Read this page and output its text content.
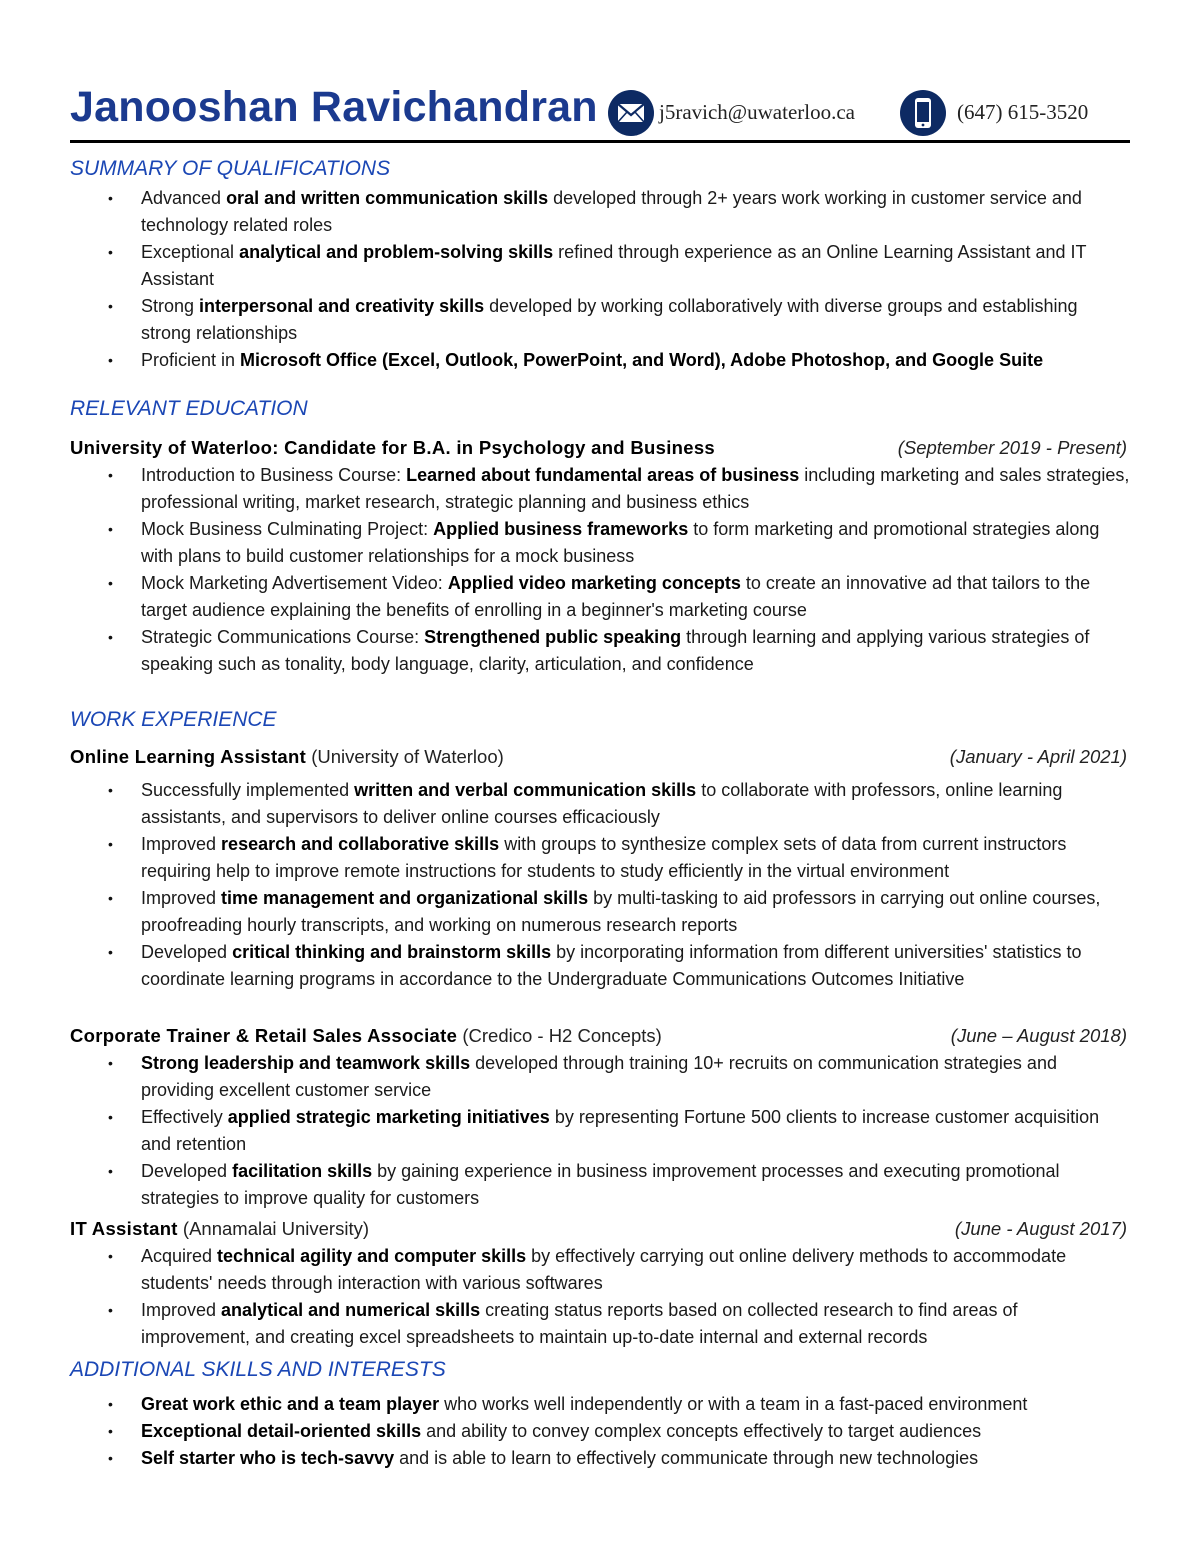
Janooshan Ravichandran	j5ravich@uwaterloo.ca	(647) 615-3520
SUMMARY OF QUALIFICATIONS
• Advanced oral and written communication skills developed through 2+ years work working in customer service and technology related roles
• Exceptional analytical and problem-solving skills refined through experience as an Online Learning Assistant and IT Assistant
• Strong interpersonal and creativity skills developed by working collaboratively with diverse groups and establishing strong relationships
• Proficient in Microsoft Office (Excel, Outlook, PowerPoint, and Word), Adobe Photoshop, and Google Suite
RELEVANT EDUCATION
University of Waterloo: Candidate for B.A. in Psychology and Business	(September 2019 - Present)
• Introduction to Business Course: Learned about fundamental areas of business including marketing and sales strategies, professional writing, market research, strategic planning and business ethics
• Mock Business Culminating Project: Applied business frameworks to form marketing and promotional strategies along with plans to build customer relationships for a mock business
• Mock Marketing Advertisement Video: Applied video marketing concepts to create an innovative ad that tailors to the target audience explaining the benefits of enrolling in a beginner's marketing course
• Strategic Communications Course: Strengthened public speaking through learning and applying various strategies of speaking such as tonality, body language, clarity, articulation, and confidence
WORK EXPERIENCE
Online Learning Assistant (University of Waterloo)	(January - April 2021)
• Successfully implemented written and verbal communication skills to collaborate with professors, online learning assistants, and supervisors to deliver online courses efficaciously
• Improved research and collaborative skills with groups to synthesize complex sets of data from current instructors requiring help to improve remote instructions for students to study efficiently in the virtual environment
• Improved time management and organizational skills by multi-tasking to aid professors in carrying out online courses, proofreading hourly transcripts, and working on numerous research reports
• Developed critical thinking and brainstorm skills by incorporating information from different universities' statistics to coordinate learning programs in accordance to the Undergraduate Communications Outcomes Initiative
Corporate Trainer & Retail Sales Associate (Credico - H2 Concepts)	(June – August 2018)
• Strong leadership and teamwork skills developed through training 10+ recruits on communication strategies and providing excellent customer service
• Effectively applied strategic marketing initiatives by representing Fortune 500 clients to increase customer acquisition and retention
• Developed facilitation skills by gaining experience in business improvement processes and executing promotional strategies to improve quality for customers
IT Assistant (Annamalai University)	(June - August 2017)
• Acquired technical agility and computer skills by effectively carrying out online delivery methods to accommodate students' needs through interaction with various softwares
• Improved analytical and numerical skills creating status reports based on collected research to find areas of improvement, and creating excel spreadsheets to maintain up-to-date internal and external records
ADDITIONAL SKILLS AND INTERESTS
• Great work ethic and a team player who works well independently or with a team in a fast-paced environment
• Exceptional detail-oriented skills and ability to convey complex concepts effectively to target audiences
• Self starter who is tech-savvy and is able to learn to effectively communicate through new technologies
